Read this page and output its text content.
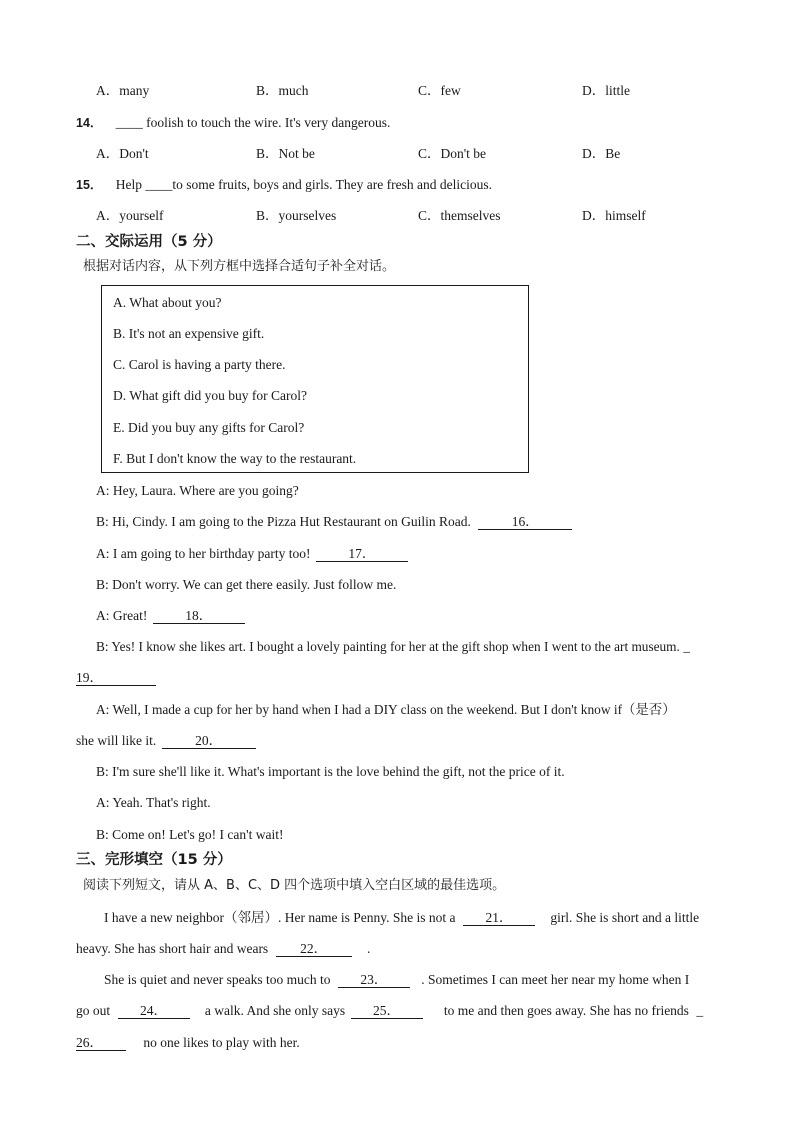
A．many	B．much	C．few	D．little
14． ____ foolish to touch the wire. It's very dangerous.
A．Don't	B．Not be	C．Don't be	D．Be
15． Help ____to some fruits, boys and girls. They are fresh and delicious.
A．yourself	B．yourselves	C．themselves	D．himself
二、交际运用（5 分）
根据对话内容，从下列方框中选择合适句子补全对话。
A. What about you?
B. It's not an expensive gift.
C. Carol is having a party there.
D. What gift did you buy for Carol?
E. Did you buy any gifts for Carol?
F. But I don't know the way to the restaurant.
A: Hey, Laura. Where are you going?
B: Hi, Cindy. I am going to the Pizza Hut Restaurant on Guilin Road.	16．
A: I am going to her birthday party too!	17．
B: Don't worry. We can get there easily. Just follow me.
A: Great!	18．
B: Yes! I know she likes art. I bought a lovely painting for her at the gift shop when I went to the art museum. _
19．
A: Well, I made a cup for her by hand when I had a DIY class on the weekend. But I don't know if（是否）
she will like it.	20．
B: I'm sure she'll like it. What's important is the love behind the gift, not the price of it.
A: Yeah. That's right.
B: Come on! Let's go! I can't wait!
三、完形填空（15 分）
阅读下列短文，请从 A、B、C、D 四个选项中填入空白区域的最佳选项。
I have a new neighbor（邻居）. Her name is Penny. She is not a 21．	girl. She is short and a little
heavy. She has short hair and wears 22．	.
She is quiet and never speaks too much to 23．	. Sometimes I can meet her near my home when I
go out 24．	a walk. And she only says 25．	to me and then goes away. She has no friends _
26．	no one likes to play with her.
